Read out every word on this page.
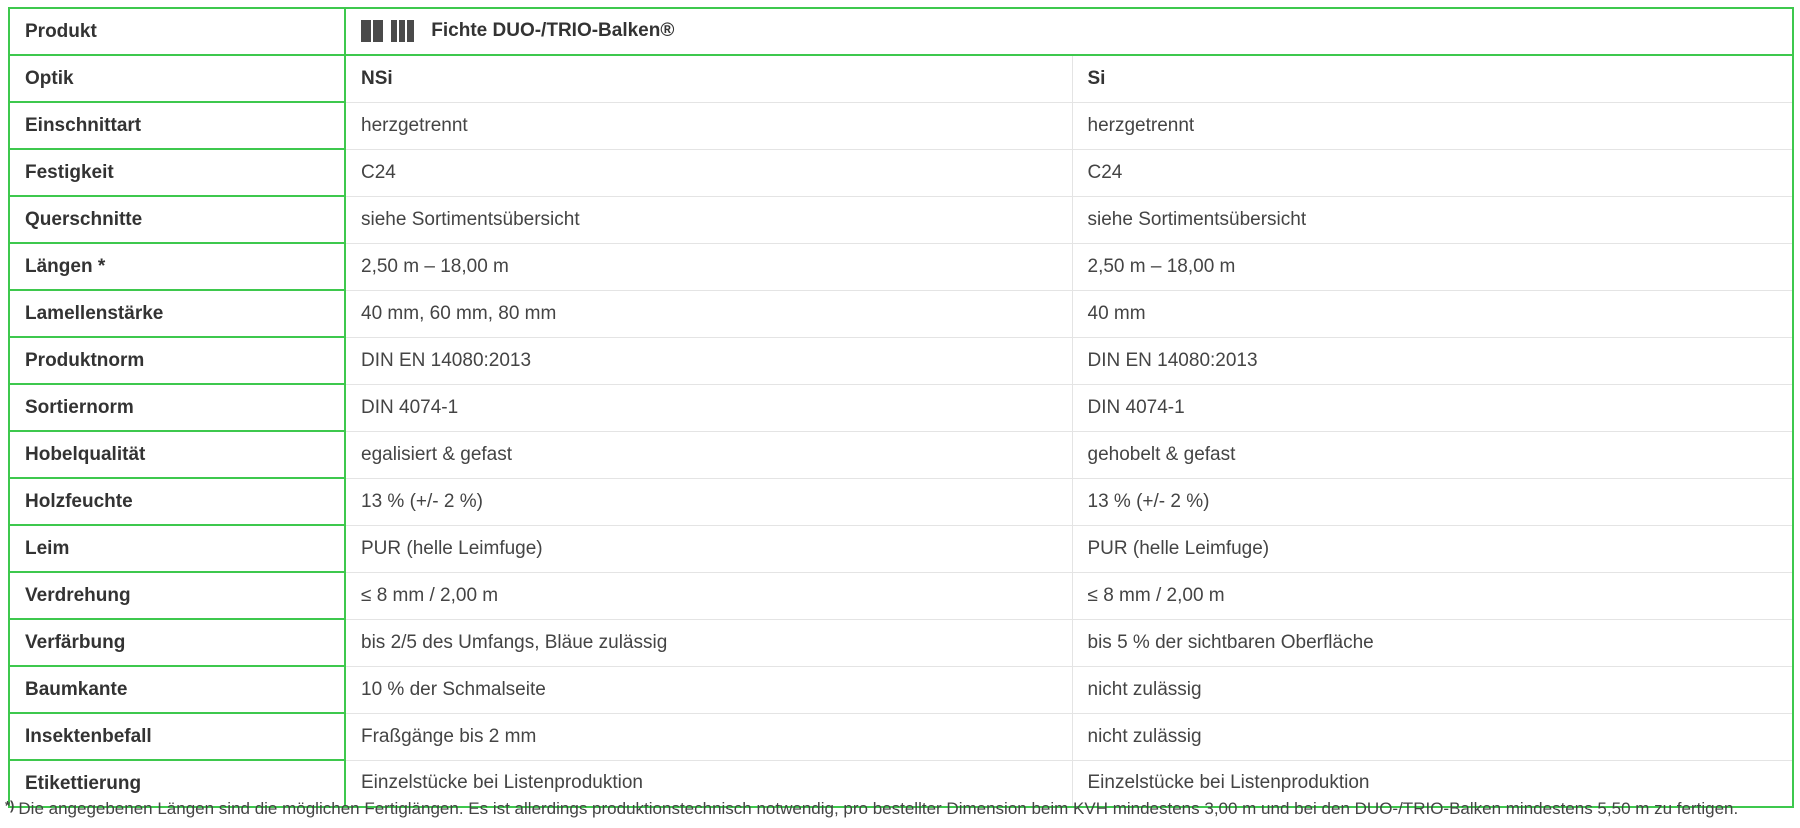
Produkt	Fichte DUO-/TRIO-Balken®	
Optik	NSi	Si
Einschnittart	herzgetrennt	herzgetrennt
Festigkeit	C24	C24
Querschnitte	siehe Sortimentsübersicht	siehe Sortimentsübersicht
Längen *	2,50 m – 18,00 m	2,50 m – 18,00 m
Lamellenstärke	40 mm, 60 mm, 80 mm	40 mm
Produktnorm	DIN EN 14080:2013	DIN EN 14080:2013
Sortiernorm	DIN 4074-1	DIN 4074-1
Hobelqualität	egalisiert & gefast	gehobelt & gefast
Holzfeuchte	13 % (+/- 2 %)	13 % (+/- 2 %)
Leim	PUR (helle Leimfuge)	PUR (helle Leimfuge)
Verdrehung	≤ 8 mm / 2,00 m	≤ 8 mm / 2,00 m
Verfärbung	bis 2/5 des Umfangs, Bläue zulässig	bis 5 % der sichtbaren Oberfläche
Baumkante	10 % der Schmalseite	nicht zulässig
Insektenbefall	Fraßgänge bis 2 mm	nicht zulässig
Etikettierung	Einzelstücke bei Listenproduktion	Einzelstücke bei Listenproduktion
*) Die angegebenen Längen sind die möglichen Fertiglängen. Es ist allerdings produktionstechnisch notwendig, pro bestellter Dimension beim KVH mindestens 3,00 m und bei den DUO-/TRIO-Balken mindestens 5,50 m zu fertigen.
